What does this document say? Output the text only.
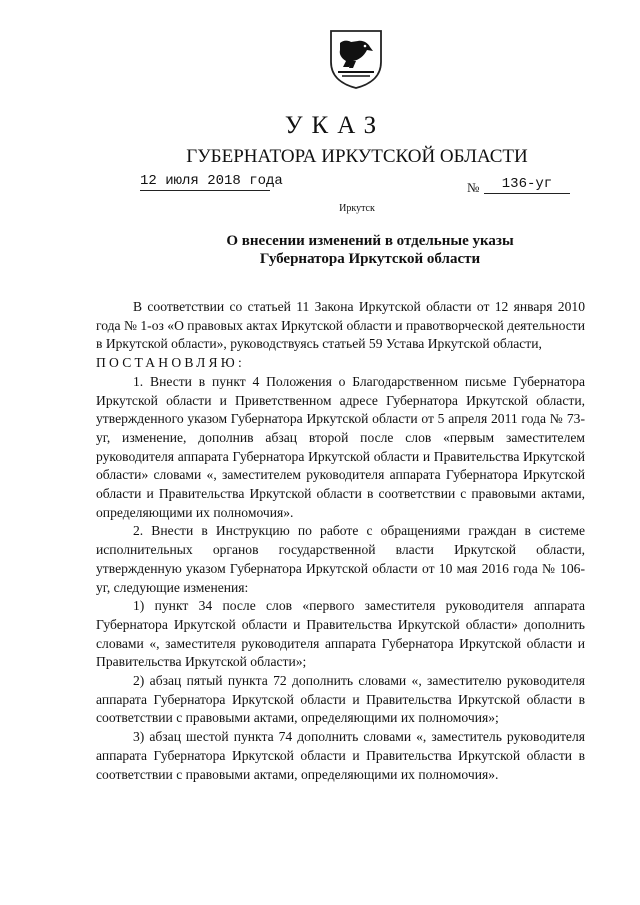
УКАЗ
ГУБЕРНАТОРА ИРКУТСКОЙ ОБЛАСТИ
12 июля 2018 года	№	136-уг
Иркутск
О внесении изменений в отдельные указы
Губернатора Иркутской области

В соответствии со статьей 11 Закона Иркутской области от 12 января 2010 года № 1-оз «О правовых актах Иркутской области и правотворческой деятельности в Иркутской области», руководствуясь статьей 59 Устава Иркутской области,

ПОСТАНОВЛЯЮ:

1. Внести в пункт 4 Положения о Благодарственном письме Губернатора Иркутской области и Приветственном адресе Губернатора Иркутской области, утвержденного указом Губернатора Иркутской области от 5 апреля 2011 года № 73-уг, изменение, дополнив абзац второй после слов «первым заместителем руководителя аппарата Губернатора Иркутской области и Правительства Иркутской области» словами «, заместителем руководителя аппарата Губернатора Иркутской области и Правительства Иркутской области в соответствии с правовыми актами, определяющими их полномочия».

2. Внести в Инструкцию по работе с обращениями граждан в системе исполнительных органов государственной власти Иркутской области, утвержденную указом Губернатора Иркутской области от 10 мая 2016 года № 106-уг, следующие изменения:

1) пункт 34 после слов «первого заместителя руководителя аппарата Губернатора Иркутской области и Правительства Иркутской области» дополнить словами «, заместителя руководителя аппарата Губернатора Иркутской области и Правительства Иркутской области»;

2) абзац пятый пункта 72 дополнить словами «, заместителю руководителя аппарата Губернатора Иркутской области и Правительства Иркутской области в соответствии с правовыми актами, определяющими их полномочия»;

3) абзац шестой пункта 74 дополнить словами «, заместитель руководителя аппарата Губернатора Иркутской области и Правительства Иркутской области в соответствии с правовыми актами, определяющими их полномочия».
